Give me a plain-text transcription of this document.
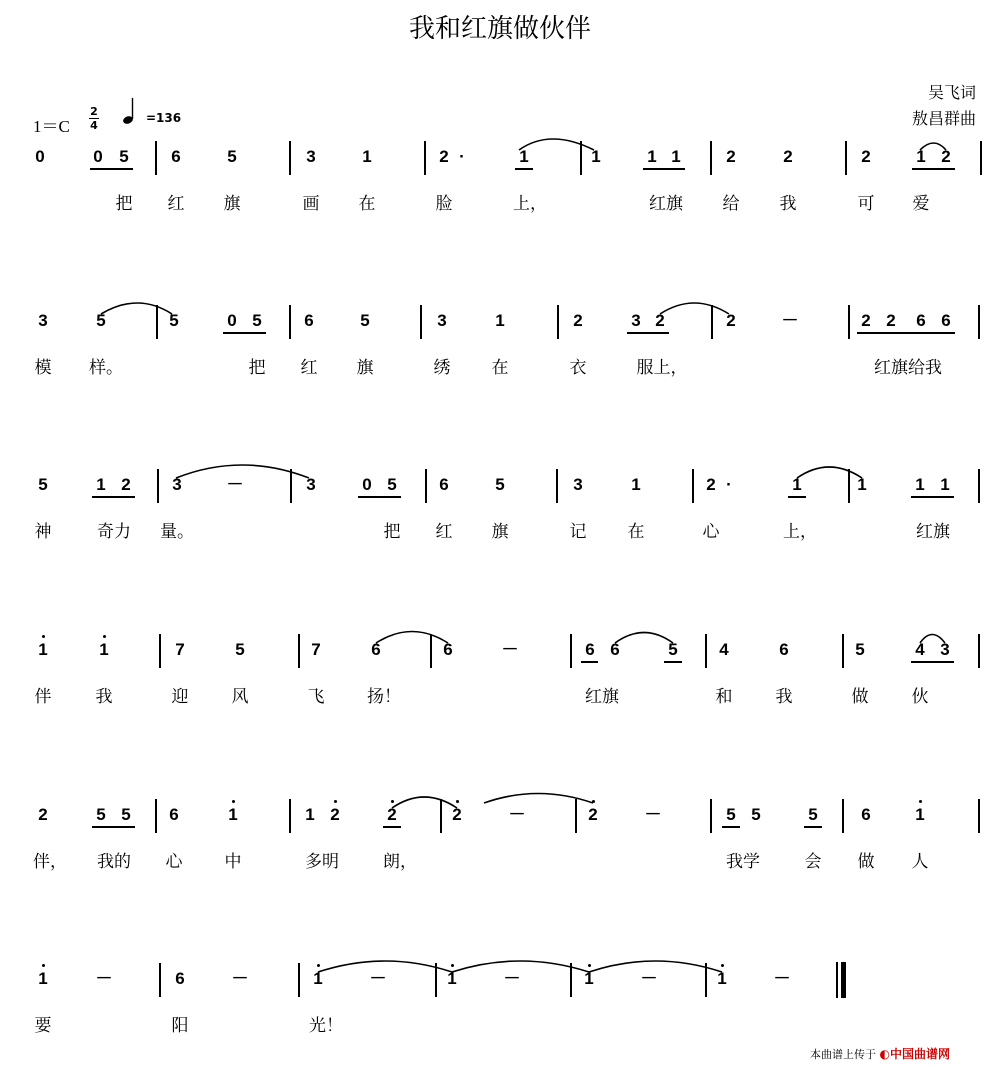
我和红旗做伙伴
吴飞词
敖昌群曲
1＝C
2
4
=136
0	0 5	6	5	3	1	2 ·	1	1	1 1	2	2	2	1 2
把 红 旗	画 在	脸	上，	红旗 给 我	可 爱
3	5	5	0 5	6	5	3	1	2	3 2	2	－	2 2 6 6
模 样。	把 红 旗	绣 在	衣	服上，	红旗给我
5	1 2 3	－	3	0 5	6	5	3	1	2 ·	1	1	1 1
神	奇力 量。	把 红 旗	记 在	心	上，	红旗
1	1	7	5	7	6	6	－	6 6	5 4	6	5	4 3
伴	我	迎	风	飞	扬！	红旗	和	我	做	伙
2	5 5 6	1	1 2	2	2	－	2	－	5 5	5	6	1
伴， 我的 心 中	多明	朗，	我学	会 做 人
1	－	6	－	1	－	1	－	1	－	1	－
要	阳	光！
本曲谱上传于 ◐中国曲谱网
